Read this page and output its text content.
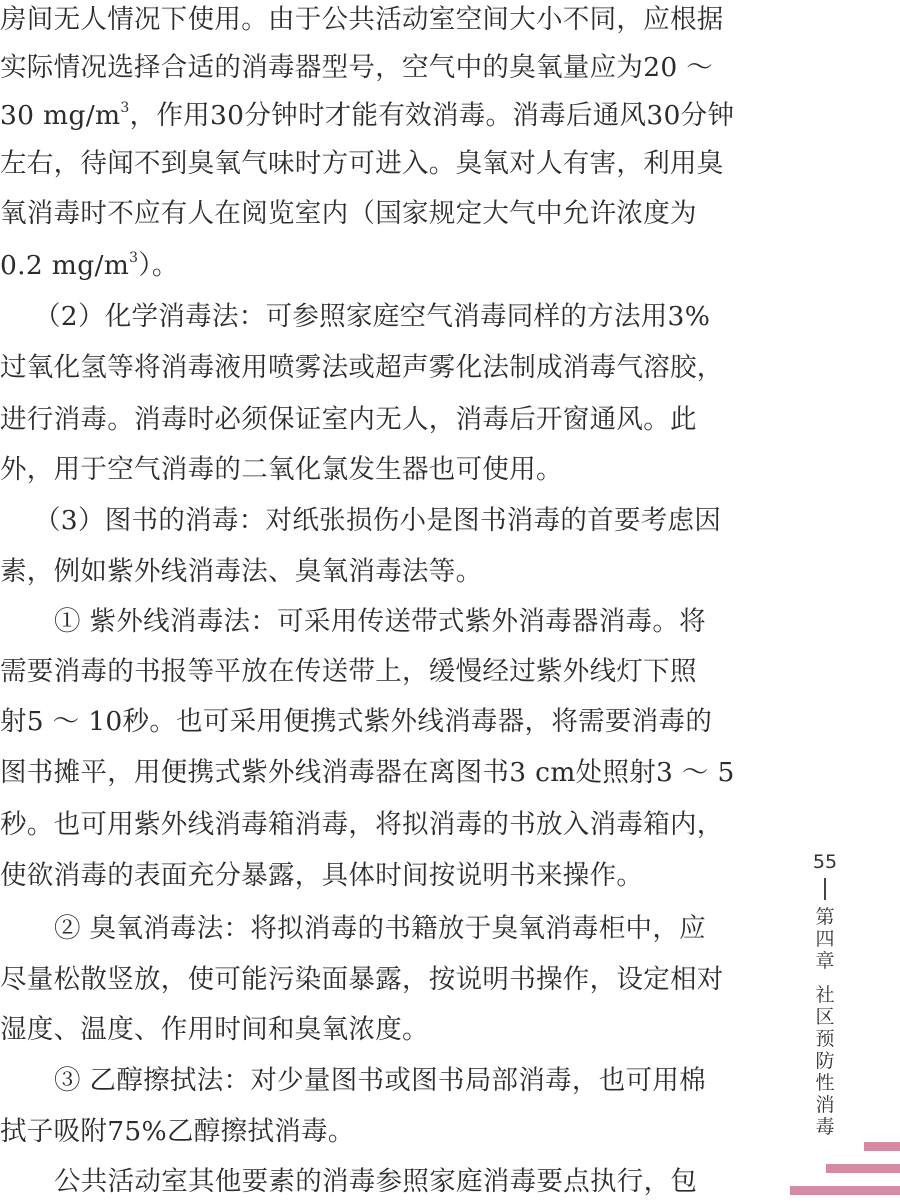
房间无人情况下使用。由于公共活动室空间大小不同，应根据
实际情况选择合适的消毒器型号，空气中的臭氧量应为20 ～
30 $mg/m^3$，作用30分钟时才能有效消毒。消毒后通风30分钟
左右，待闻不到臭氧气味时方可进入。臭氧对人有害，利用臭
氧消毒时不应有人在阅览室内（国家规定大气中允许浓度为
0.2 $mg/m^3$）。
（2）化学消毒法：可参照家庭空气消毒同样的方法用3%
过氧化氢等将消毒液用喷雾法或超声雾化法制成消毒气溶胶，
进行消毒。消毒时必须保证室内无人，消毒后开窗通风。此
外，用于空气消毒的二氧化氯发生器也可使用。
（3）图书的消毒：对纸张损伤小是图书消毒的首要考虑因
素，例如紫外线消毒法、臭氧消毒法等。
① 紫外线消毒法：可采用传送带式紫外消毒器消毒。将
需要消毒的书报等平放在传送带上，缓慢经过紫外线灯下照
射5 ～ 10秒。也可采用便携式紫外线消毒器，将需要消毒的
图书摊平，用便携式紫外线消毒器在离图书3 cm处照射3 ～ 5
秒。也可用紫外线消毒箱消毒，将拟消毒的书放入消毒箱内，
使欲消毒的表面充分暴露，具体时间按说明书来操作。
② 臭氧消毒法：将拟消毒的书籍放于臭氧消毒柜中，应
尽量松散竖放，使可能污染面暴露，按说明书操作，设定相对
湿度、温度、作用时间和臭氧浓度。
③ 乙醇擦拭法：对少量图书或图书局部消毒，也可用棉
拭子吸附75%乙醇擦拭消毒。
公共活动室其他要素的消毒参照家庭消毒要点执行，包
55
第
四
章
社
区
预
防
性
消
毒
